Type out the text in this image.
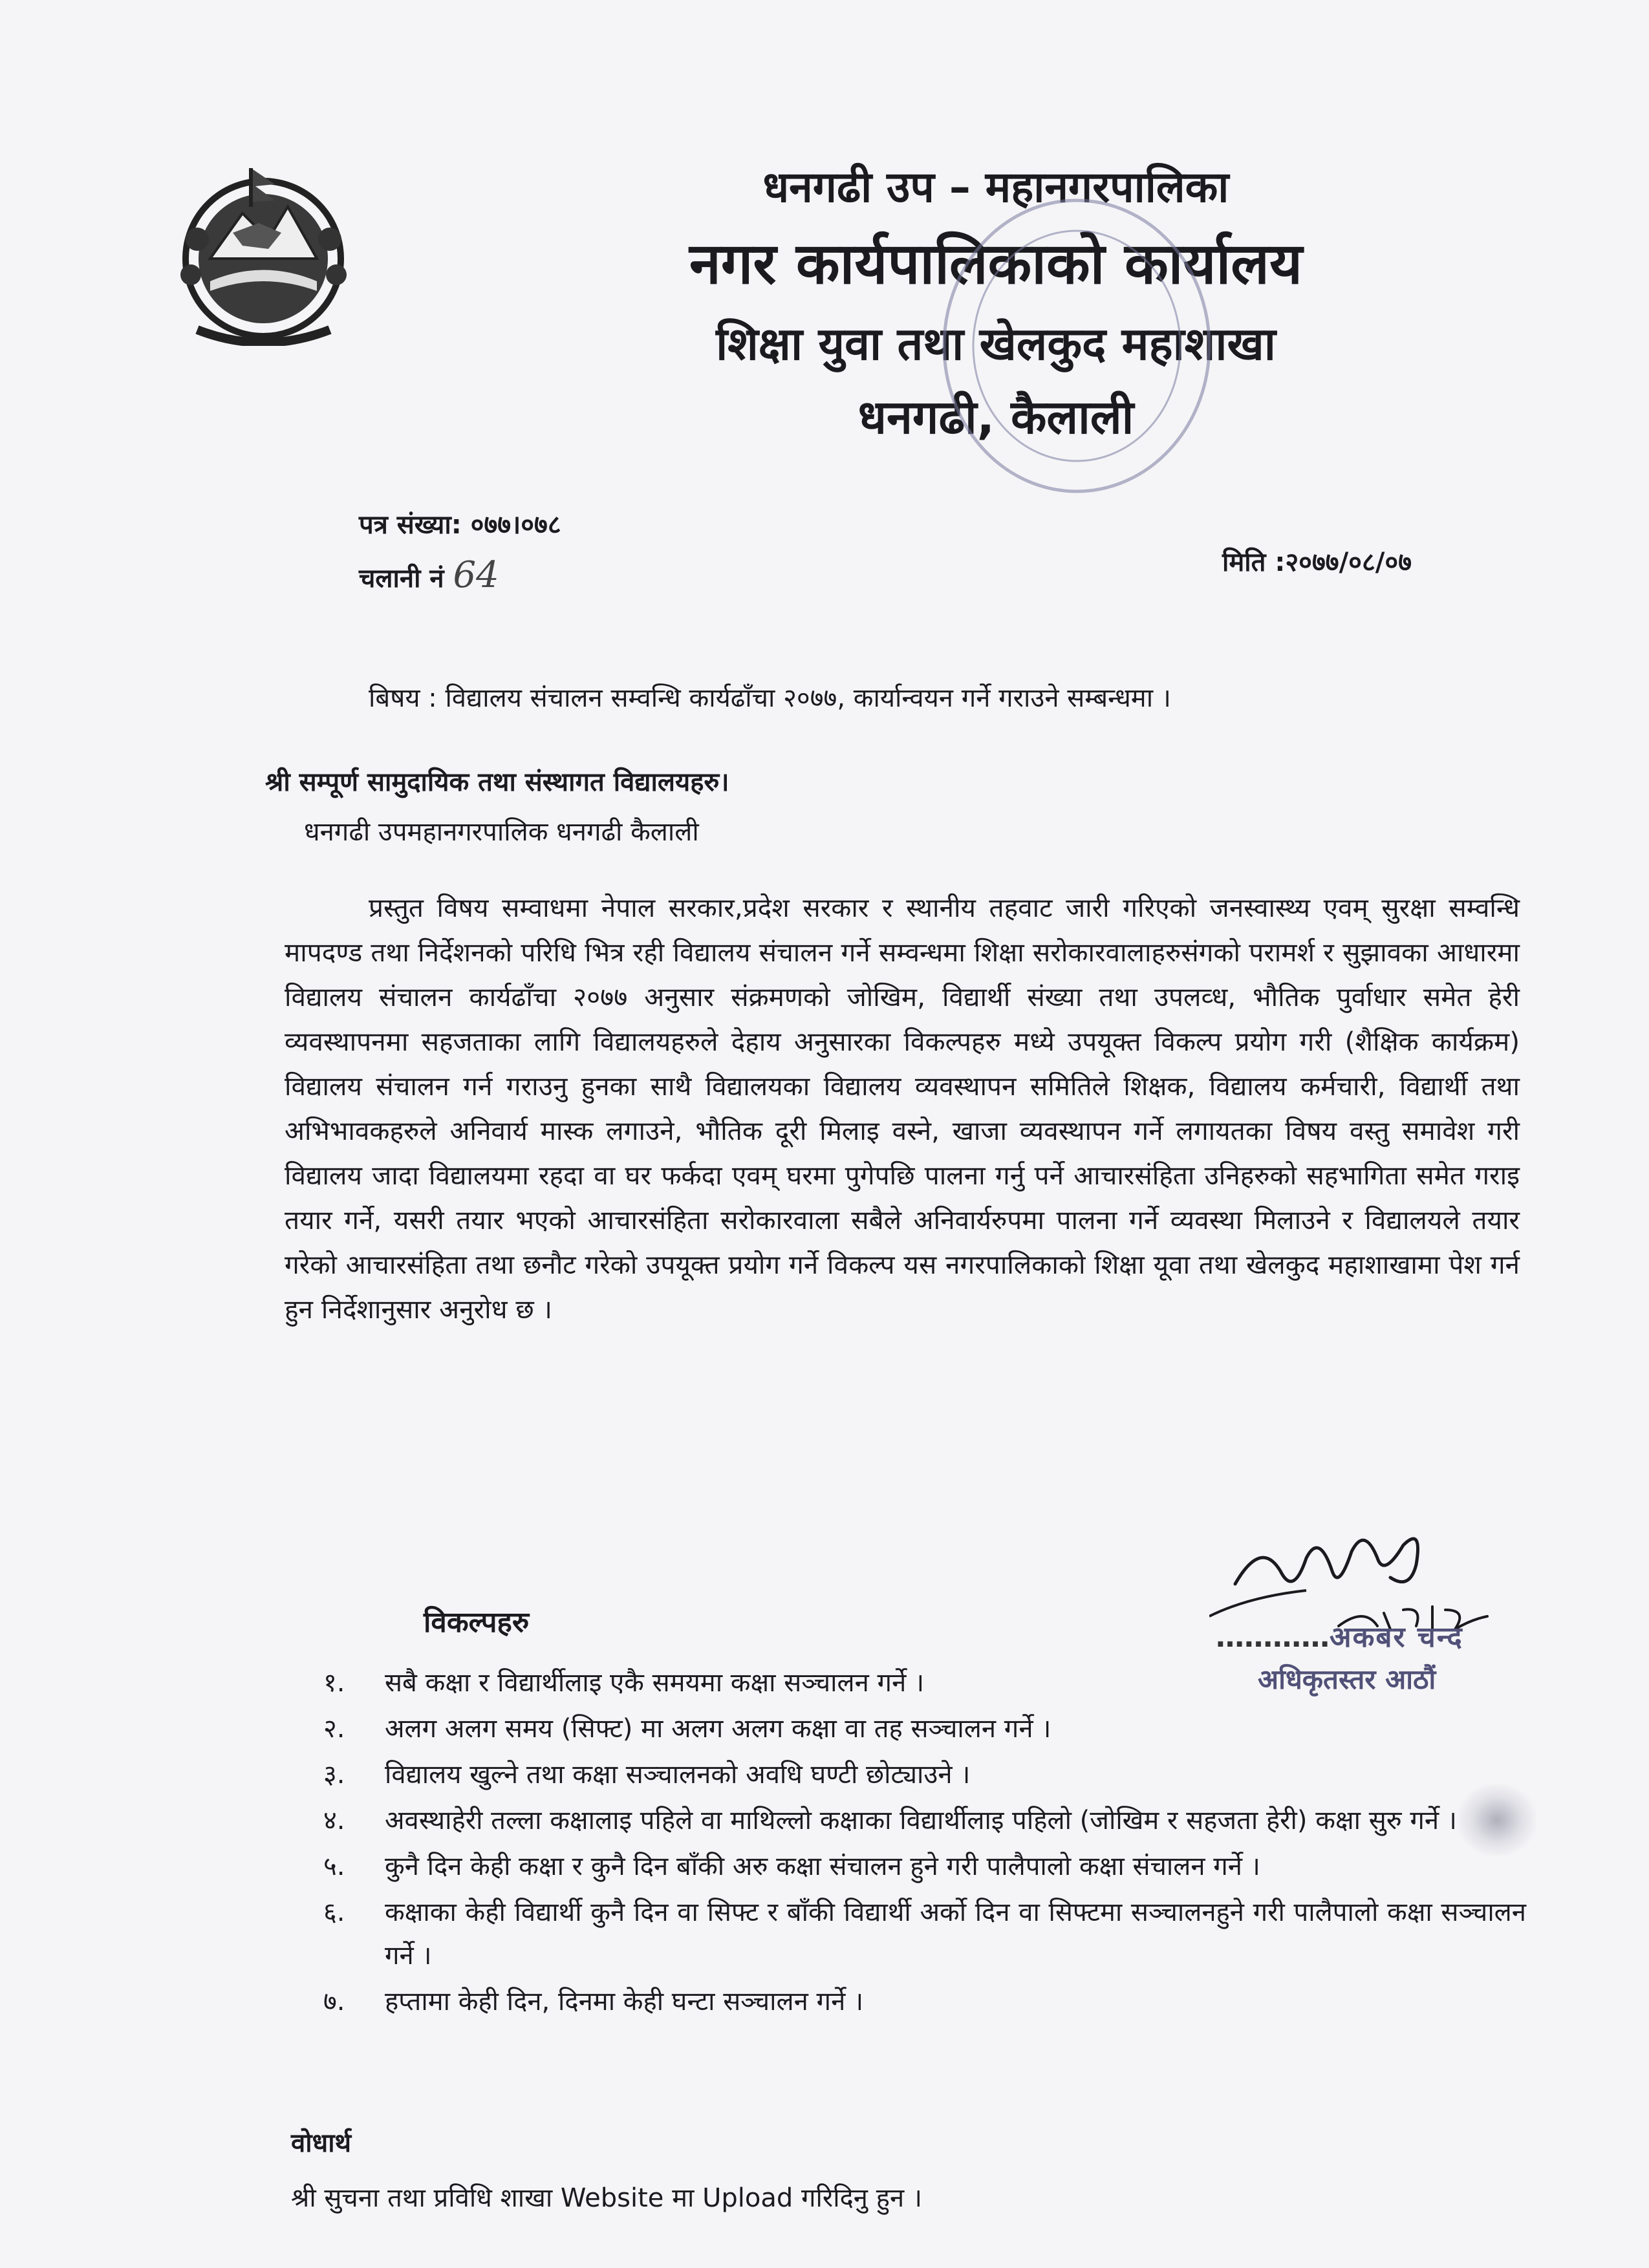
धनगढी उप – महानगरपालिका
नगर कार्यपालिकाको कार्यालय
शिक्षा युवा तथा खेलकुद महाशाखा
धनगढी, कैलाली
पत्र संख्या: ०७७।०७८
चलानी नं 64	मिति :२०७७/०८/०७
बिषय : विद्यालय संचालन सम्वन्धि कार्यढाँचा २०७७, कार्यान्वयन गर्ने गराउने सम्बन्धमा ।
श्री सम्पूर्ण सामुदायिक तथा संस्थागत विद्यालयहरु।
धनगढी उपमहानगरपालिक धनगढी कैलाली
प्रस्तुत विषय सम्वाधमा नेपाल सरकार,प्रदेश सरकार र स्थानीय तहवाट जारी गरिएको जनस्वास्थ्य एवम् सुरक्षा सम्वन्धि मापदण्ड तथा निर्देशनको परिधि भित्र रही विद्यालय संचालन गर्ने सम्वन्धमा शिक्षा सरोकारवालाहरुसंगको परामर्श र सुझावका आधारमा विद्यालय संचालन कार्यढाँचा २०७७ अनुसार संक्रमणको जोखिम, विद्यार्थी संख्या तथा उपलव्ध, भौतिक पुर्वाधार समेत हेरी व्यवस्थापनमा सहजताका लागि विद्यालयहरुले देहाय अनुसारका विकल्पहरु मध्ये उपयूक्त विकल्प प्रयोग गरी (शैक्षिक कार्यक्रम) विद्यालय संचालन गर्न गराउनु हुनका साथै विद्यालयका विद्यालय व्यवस्थापन समितिले शिक्षक, विद्यालय कर्मचारी, विद्यार्थी तथा अभिभावकहरुले अनिवार्य मास्क लगाउने, भौतिक दूरी मिलाइ वस्ने, खाजा व्यवस्थापन गर्ने लगायतका विषय वस्तु समावेश गरी विद्यालय जादा विद्यालयमा रहदा वा घर फर्कदा एवम् घरमा पुगेपछि पालना गर्नु पर्ने आचारसंहिता उनिहरुको सहभागिता समेत गराइ तयार गर्ने, यसरी तयार भएको आचारसंहिता सरोकारवाला सबैले अनिवार्यरुपमा पालना गर्ने व्यवस्था मिलाउने र विद्यालयले तयार गरेको आचारसंहिता तथा छनौट गरेको उपयूक्त प्रयोग गर्ने विकल्प यस नगरपालिकाको शिक्षा यूवा तथा खेलकुद महाशाखामा पेश गर्न हुन निर्देशानुसार अनुरोध छ ।
…………अकबर चन्द
अधिकृतस्तर आठौं
विकल्पहरु
१.	सबै कक्षा र विद्यार्थीलाइ एकै समयमा कक्षा सञ्चालन गर्ने ।
२.	अलग अलग समय (सिफ्ट) मा अलग अलग कक्षा वा तह सञ्चालन गर्ने ।
३.	विद्यालय खुल्ने तथा कक्षा सञ्चालनको अवधि घण्टी छोट्याउने ।
४.	अवस्थाहेरी तल्ला कक्षालाइ पहिले वा माथिल्लो कक्षाका विद्यार्थीलाइ पहिलो (जोखिम र सहजता हेरी) कक्षा सुरु गर्ने ।
५.	कुनै दिन केही कक्षा र कुनै दिन बाँकी अरु कक्षा संचालन हुने गरी पालैपालो कक्षा संचालन गर्ने ।
६.	कक्षाका केही विद्यार्थी कुनै दिन वा सिफ्ट र बाँकी विद्यार्थी अर्को दिन वा सिफ्टमा सञ्चालनहुने गरी पालैपालो कक्षा सञ्चालन गर्ने ।
७.	हप्तामा केही दिन, दिनमा केही घन्टा सञ्चालन गर्ने ।
वोधार्थ
श्री सुचना तथा प्रविधि शाखा Website मा Upload गरिदिनु हुन ।
